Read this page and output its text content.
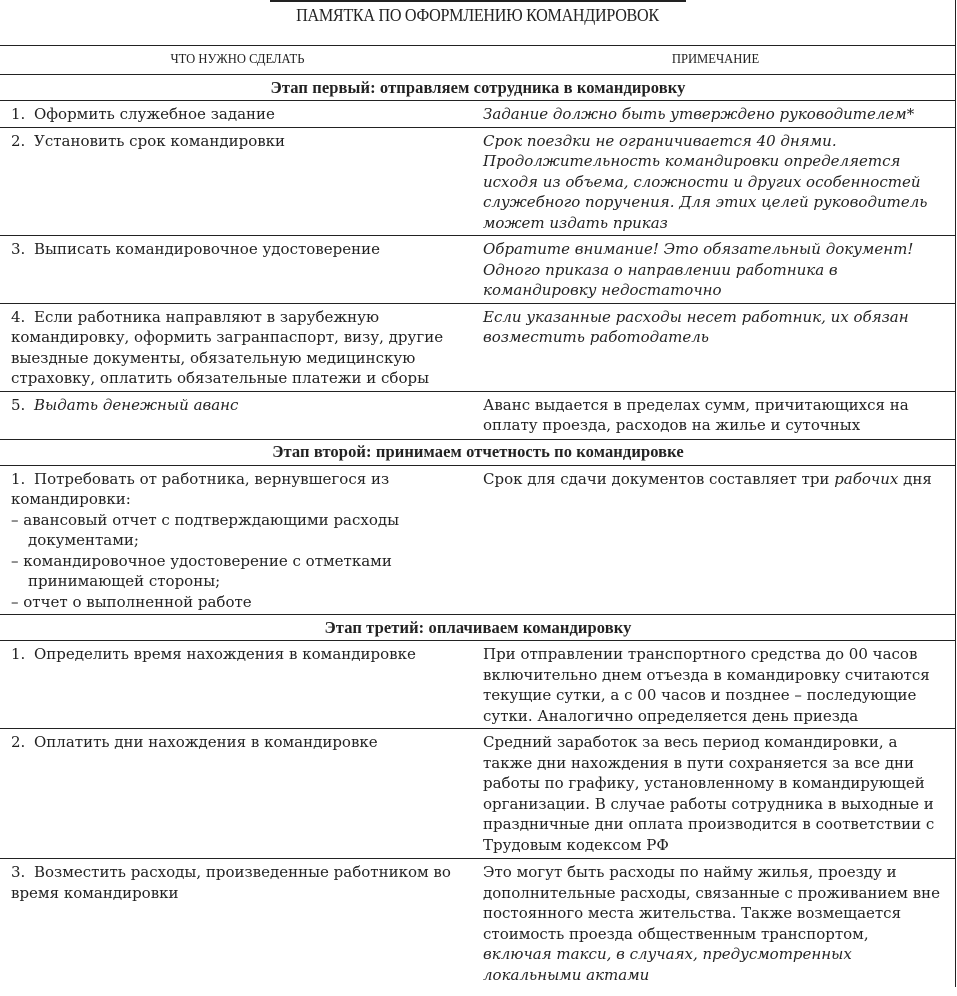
ПАМЯТКА ПО ОФОРМЛЕНИЮ КОМАНДИРОВОК
ЧТО НУЖНО СДЕЛАТЬ	ПРИМЕЧАНИЕ
Этап первый: отправляем сотрудника в командировку	
1. Оформить служебное задание	Задание должно быть утверждено руководителем*
2. Установить срок командировки	Срок поездки не ограничивается 40 днями. Продолжительность командировки определяется исходя из объема, сложности и других особенностей служебного поручения. Для этих целей руководитель может издать приказ
3. Выписать командировочное удостоверение	Обратите внимание! Это обязательный документ! Одного приказа о направлении работника в командировку недостаточно
4. Если работника направляют в зарубежную командировку, оформить загранпаспорт, визу, другие выездные документы, обязательную медицинскую страховку, оплатить обязательные платежи и сборы	Если указанные расходы несет работник, их обязан возместить работодатель
5. Выдать денежный аванс	Аванс выдается в пределах сумм, причитающихся на оплату проезда, расходов на жилье и суточных
Этап второй: принимаем отчетность по командировке	
1. Потребовать от работника, вернувшегося из командировки:
– авансовый отчет с подтверждающими расходы документами;
– командировочное удостоверение с отметками принимающей стороны;
– отчет о выполненной работе	Срок для сдачи документов составляет три рабочих дня
Этап третий: оплачиваем командировку	
1. Определить время нахождения в командировке	При отправлении транспортного средства до 00 часов включительно днем отъезда в командировку считаются текущие сутки, а с 00 часов и позднее – последующие сутки. Аналогично определяется день приезда
2. Оплатить дни нахождения в командировке	Средний заработок за весь период командировки, а также дни нахождения в пути сохраняется за все дни работы по графику, установленному в командирующей организации. В случае работы сотрудника в выходные и праздничные дни оплата производится в соответствии с Трудовым кодексом РФ
3. Возместить расходы, произведенные работником во время командировки	Это могут быть расходы по найму жилья, проезду и дополнительные расходы, связанные с проживанием вне постоянного места жительства. Также возмещается стоимость проезда общественным транспортом, включая такси, в случаях, предусмотренных локальными актами
